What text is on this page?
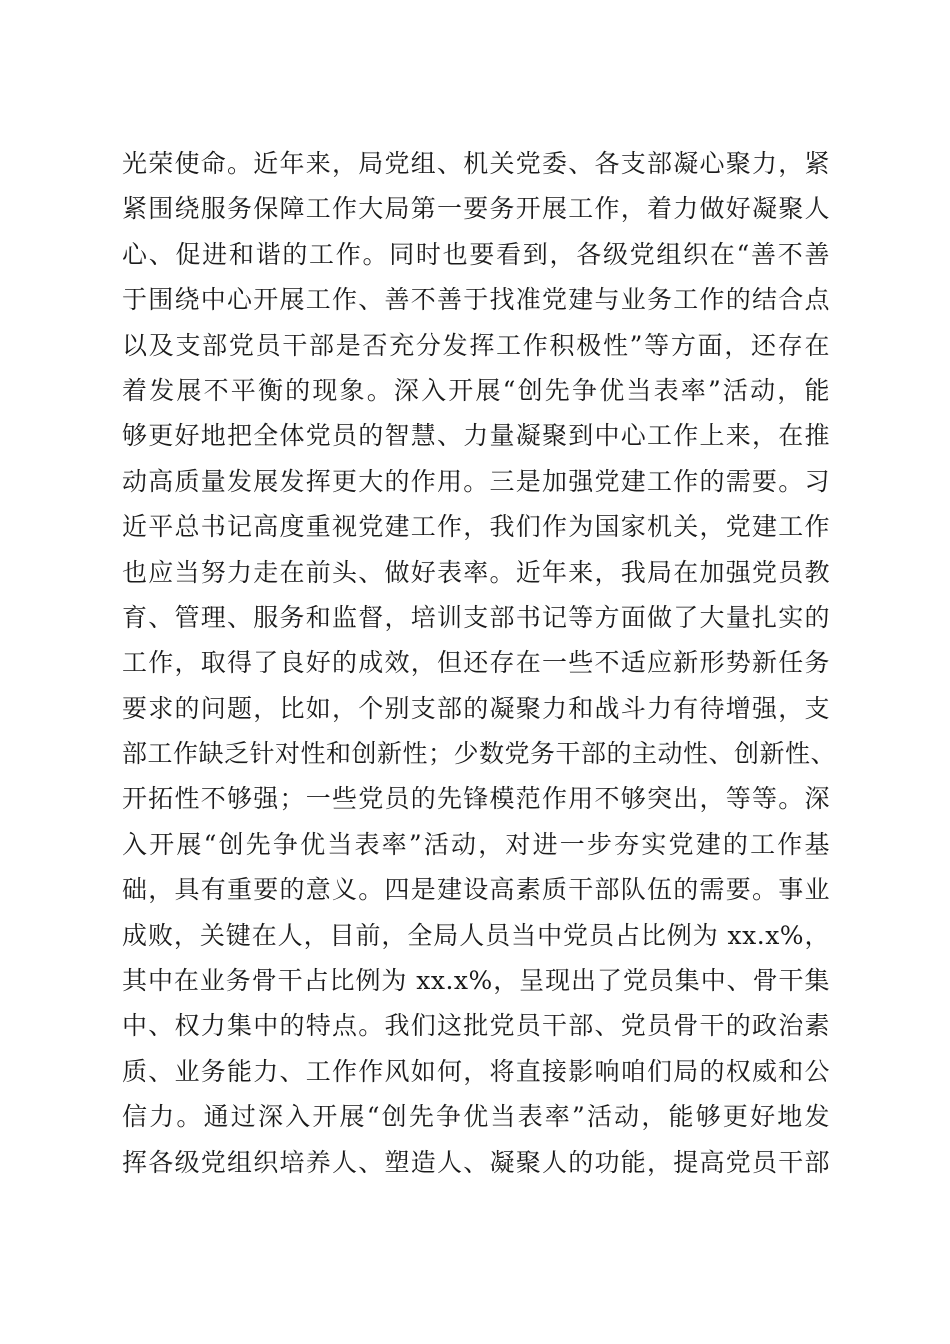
光荣使命。近年来，局党组、机关党委、各支部凝心聚力，紧
紧围绕服务保障工作大局第一要务开展工作，着力做好凝聚人
心、促进和谐的工作。同时也要看到，各级党组织在“善不善
于围绕中心开展工作、善不善于找准党建与业务工作的结合点
以及支部党员干部是否充分发挥工作积极性”等方面，还存在
着发展不平衡的现象。深入开展“创先争优当表率”活动，能
够更好地把全体党员的智慧、力量凝聚到中心工作上来，在推
动高质量发展发挥更大的作用。三是加强党建工作的需要。习
近平总书记高度重视党建工作，我们作为国家机关，党建工作
也应当努力走在前头、做好表率。近年来，我局在加强党员教
育、管理、服务和监督，培训支部书记等方面做了大量扎实的
工作，取得了良好的成效，但还存在一些不适应新形势新任务
要求的问题，比如，个别支部的凝聚力和战斗力有待增强，支
部工作缺乏针对性和创新性；少数党务干部的主动性、创新性、
开拓性不够强；一些党员的先锋模范作用不够突出，等等。深
入开展“创先争优当表率”活动，对进一步夯实党建的工作基
础，具有重要的意义。四是建设高素质干部队伍的需要。事业
成败，关键在人，目前，全局人员当中党员占比例为 xx.x%，
其中在业务骨干占比例为 xx.x%，呈现出了党员集中、骨干集
中、权力集中的特点。我们这批党员干部、党员骨干的政治素
质、业务能力、工作作风如何，将直接影响咱们局的权威和公
信力。通过深入开展“创先争优当表率”活动，能够更好地发
挥各级党组织培养人、塑造人、凝聚人的功能，提高党员干部
